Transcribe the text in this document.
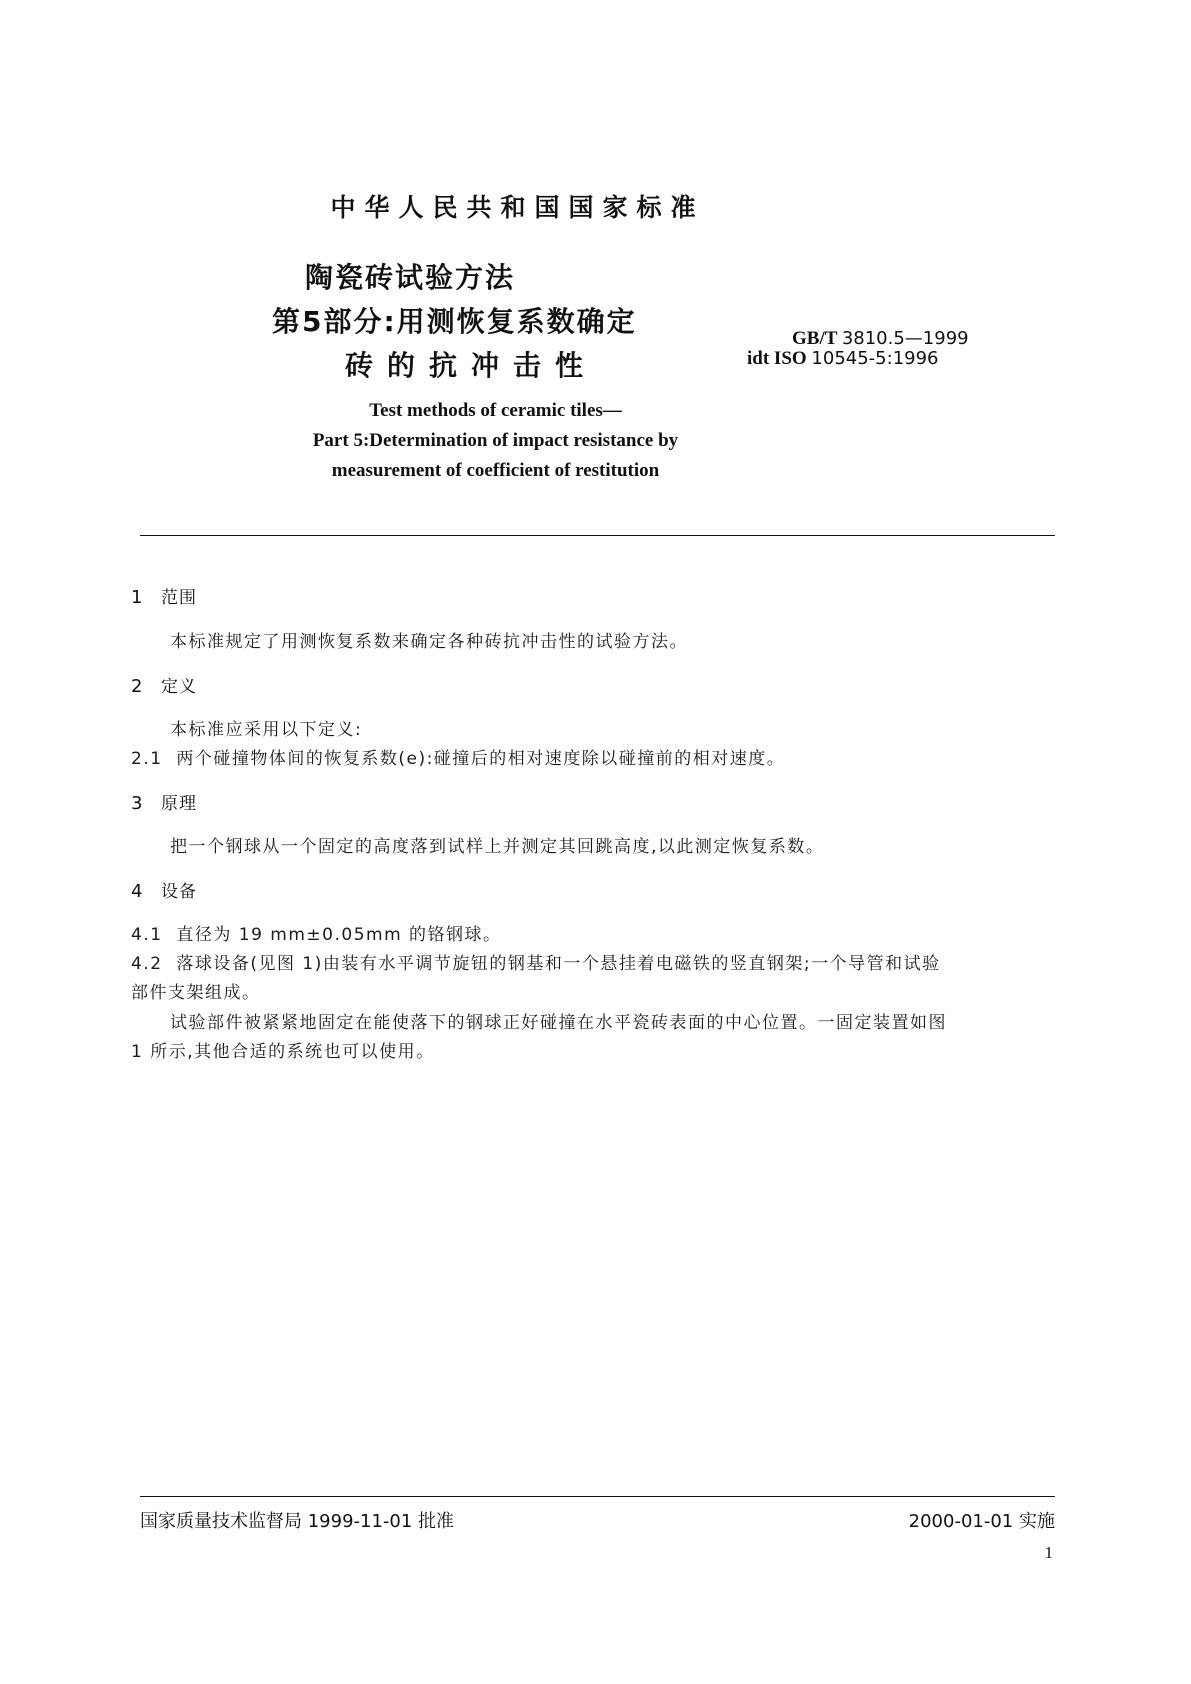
中华人民共和国国家标准
陶瓷砖试验方法
第5部分:用测恢复系数确定
砖的抗冲击性
GB/T 3810.5—1999
idt ISO 10545-5:1996
Test methods of ceramic tiles—
Part 5:Determination of impact resistance by
measurement of coefficient of restitution
1 范围
本标准规定了用测恢复系数来确定各种砖抗冲击性的试验方法。
2 定义
本标准应采用以下定义:
2.1 两个碰撞物体间的恢复系数(e):碰撞后的相对速度除以碰撞前的相对速度。
3 原理
把一个钢球从一个固定的高度落到试样上并测定其回跳高度,以此测定恢复系数。
4 设备
4.1 直径为 19 mm±0.05mm 的铬钢球。
4.2 落球设备(见图 1)由装有水平调节旋钮的钢基和一个悬挂着电磁铁的竖直钢架;一个导管和试验
部件支架组成。
试验部件被紧紧地固定在能使落下的钢球正好碰撞在水平瓷砖表面的中心位置。一固定装置如图
1 所示,其他合适的系统也可以使用。
国家质量技术监督局 1999-11-01 批准	2000-01-01 实施
1
